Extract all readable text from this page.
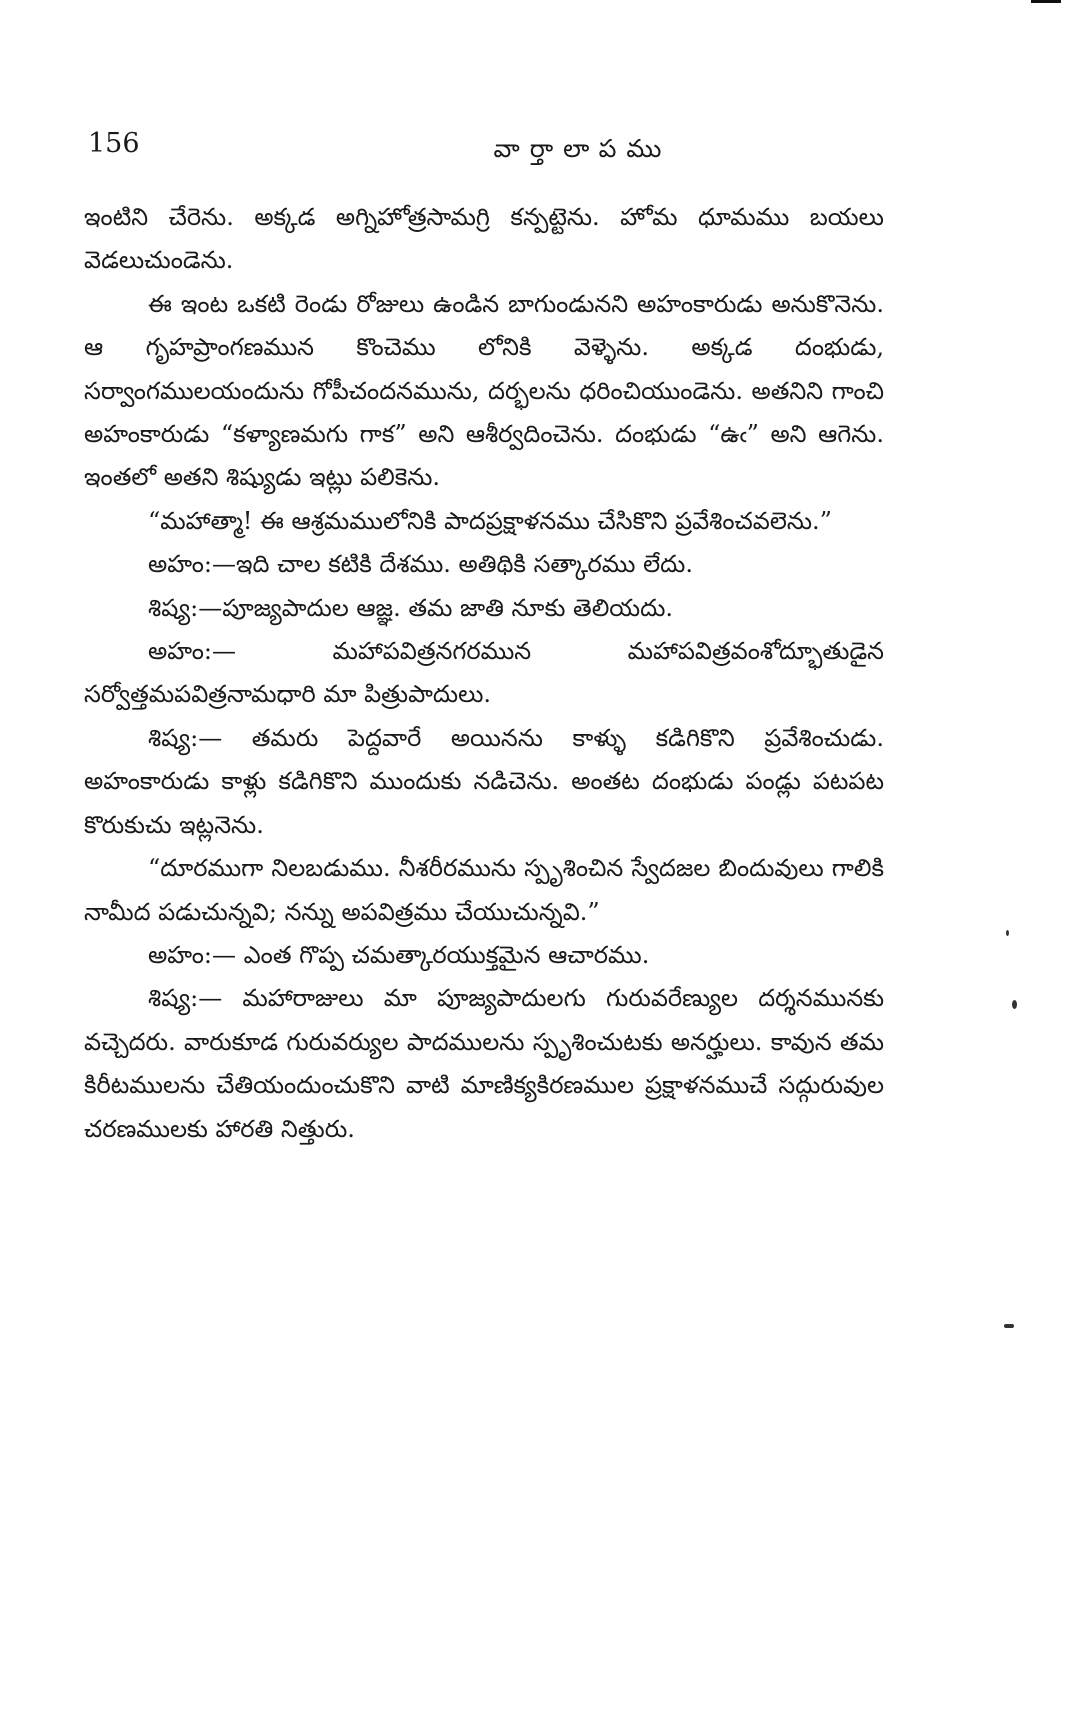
156	వార్తాలాపము

ఇంటిని చేరెను. అక్కడ అగ్నిహోత్రసామగ్రి కన్పట్టెను. హోమ ధూమము బయలు వెడలుచుండెను.

ఈ ఇంట ఒకటి రెండు రోజులు ఉండిన బాగుండునని అహంకారుడు అనుకొనెను. ఆ గృహప్రాంగణమున కొంచెము లోనికి వెళ్ళెను. అక్కడ దంభుడు, సర్వాంగములయందును గోపీచందనమును, దర్భలను ధరించియుండెను. అతనిని గాంచి అహంకారుడు “కళ్యాణమగు గాక” అని ఆశీర్వదించెను. దంభుడు “ఉఁ” అని ఆగెను. ఇంతలో అతని శిష్యుడు ఇట్లు పలికెను.

“మహాత్మా! ఈ ఆశ్రమములోనికి పాదప్రక్షాళనము చేసికొని ప్రవేశించవలెను.”

అహం:—ఇది చాల కటికి దేశము. అతిథికి సత్కారము లేదు.

శిష్య:—పూజ్యపాదుల ఆజ్ఞ. తమ జాతి నూకు తెలియదు.

అహం:— మహాపవిత్రనగరమున మహాపవిత్రవంశోద్భూతుడైన సర్వోత్తమపవిత్రనామధారి మా పిత్రుపాదులు.

శిష్య:— తమరు పెద్దవారే అయినను కాళ్ళు కడిగికొని ప్రవేశించుడు. అహంకారుడు కాళ్లు కడిగికొని ముందుకు నడిచెను. అంతట దంభుడు పండ్లు పటపట కొరుకుచు ఇట్లనెను.

“దూరముగా నిలబడుము. నీశరీరమును స్పృశించిన స్వేదజల బిందువులు గాలికి నామీద పడుచున్నవి; నన్ను అపవిత్రము చేయుచున్నవి.”

అహం:— ఎంత గొప్ప చమత్కారయుక్తమైన ఆచారము.

శిష్య:— మహారాజులు మా పూజ్యపాదులగు గురువరేణ్యుల దర్శనమునకు వచ్చెదరు. వారుకూడ గురువర్యుల పాదములను స్పృశించుటకు అనర్హులు. కావున తమ కిరీటములను చేతియందుంచుకొని వాటి మాణిక్యకిరణముల ప్రక్షాళనముచే సద్గురువుల చరణములకు హారతి నిత్తురు.
